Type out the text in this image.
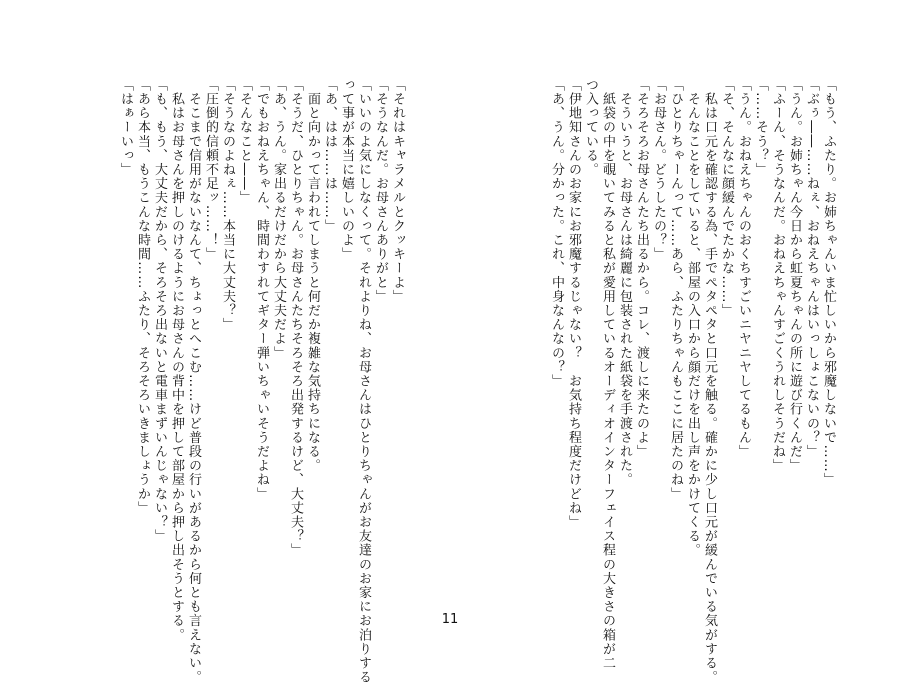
「もう、ふたり。お姉ちゃんいま忙しいから邪魔しないで……」
「ぶぅ――……ねぇ、おねえちゃんはいっしょこないの？」
「うん。お姉ちゃん今日から虹夏ちゃんの所に遊び行くんだ」
「ふーん、そうなんだ。おねえちゃんすごくうれしそうだね」
「……そう？」
「うん。おねえちゃんのおくちすごいニヤニヤしてるもん」
「そ、そんなに顔緩んでたかな……」
　私は口元を確認する為、手でペタペタと口元を触る。確かに少し口元が緩んでいる気がする。
　そんなことをしていると、部屋の入口から顔だけを出し声をかけてくる。
「ひとりちゃーんって……あら、ふたりちゃんもここに居たのね」
「お母さん。どうしたの？」
「そろそろお母さんたち出るから。コレ、渡しに来たのよ」
　そういうと、お母さんは綺麗に包装された紙袋を手渡された。
　紙袋の中を覗いてみると私が愛用しているオーディオインターフェイス程の大きさの箱が二
つ入っている。
「伊地知さんのお家にお邪魔するじゃない？　お気持ち程度だけどね」
「あ、うん。分かった。これ、中身なんなの？」
「それはキャラメルとクッキーよ」
「そうなんだ。お母さんありがと」
「いいのよ気にしなくって。それよりね、お母さんはひとりちゃんがお友達のお家にお泊りする
って事が本当に嬉しいのよ」
「あ、はは……は……」
　面と向かって言われてしまうと何だか複雑な気持ちになる。
「そうだ、ひとりちゃん。お母さんたちそろそろ出発するけど、大丈夫？」
「あ、うん。家出るだけだから大丈夫だよ」
「でもおねえちゃん、時間わすれてギター弾いちゃいそうだよね」
「そんなこと――」
「そうなのよねぇ……本当に大丈夫？」
「圧倒的信頼不足ッ……！」
　そこまで信用がないなんて、ちょっとへこむ……けど普段の行いがあるから何とも言えない。
　私はお母さんを押しのけるようにお母さんの背中を押して部屋から押し出そうとする。
「も、もう、大丈夫だから、そろそろ出ないと電車まずいんじゃない？」
「あら本当、もうこんな時間……ふたり、そろそろいきましょうか」
「はぁーいっ」
11
